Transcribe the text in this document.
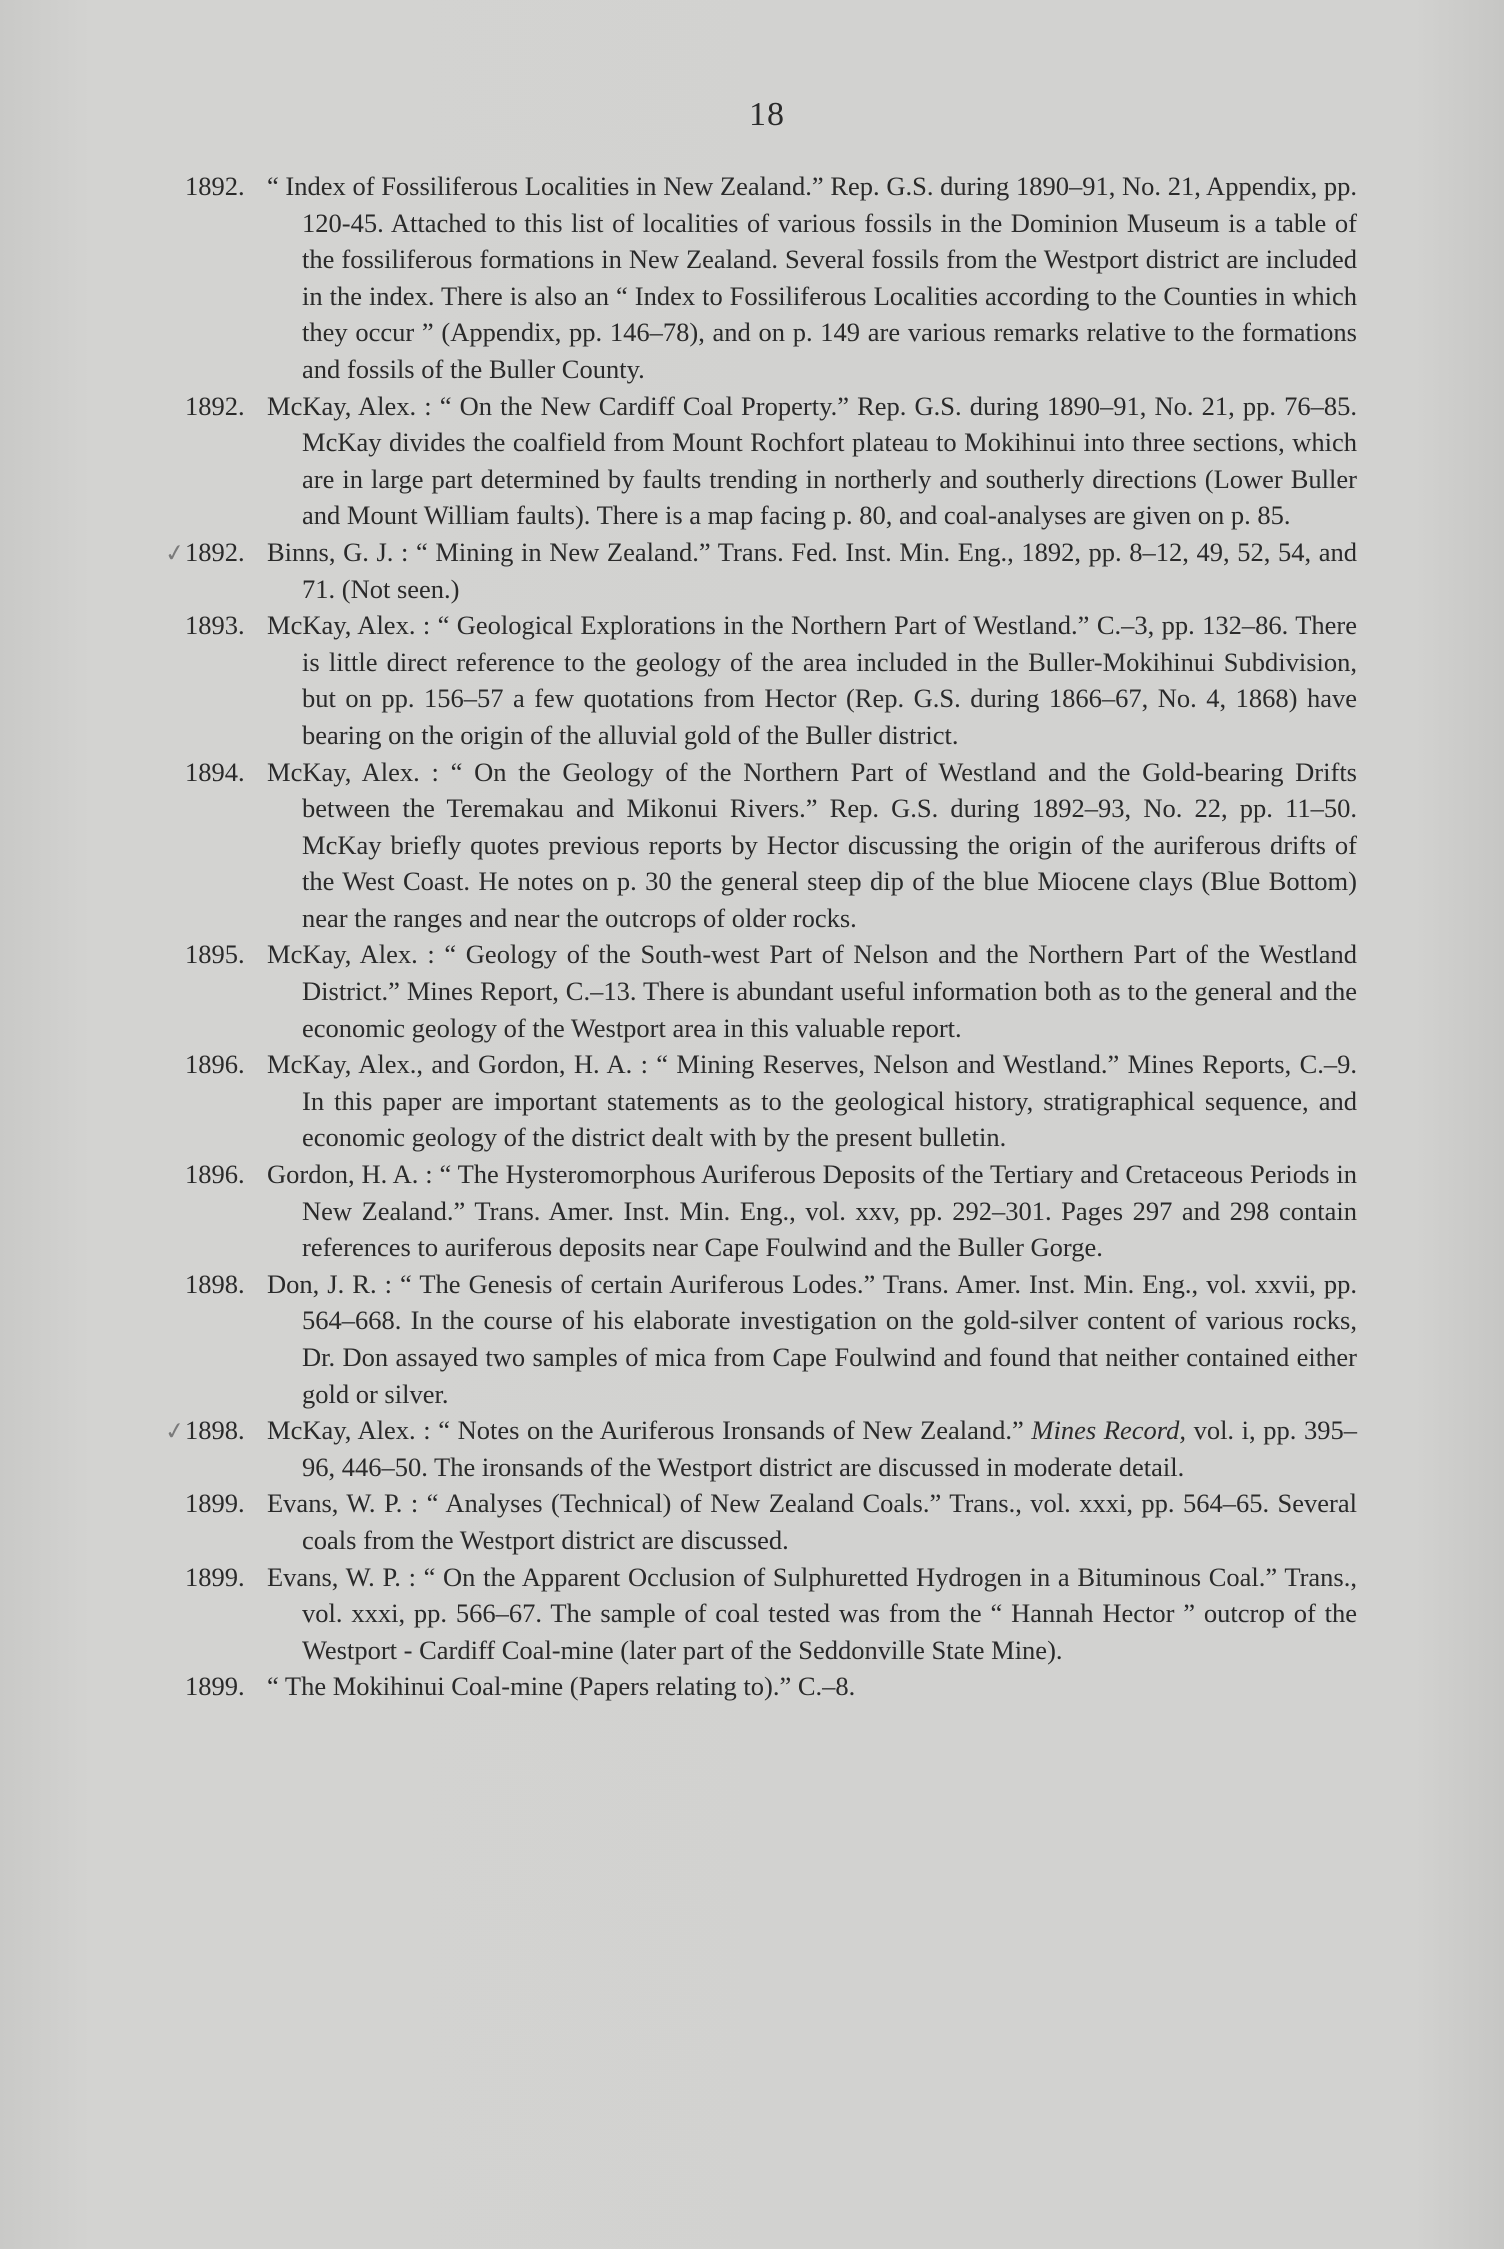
18
1892. “ Index of Fossiliferous Localities in New Zealand.” Rep. G.S. during 1890–91, No. 21, Appendix, pp. 120-45. Attached to this list of localities of various fossils in the Dominion Museum is a table of the fossiliferous formations in New Zealand. Several fossils from the Westport district are included in the index. There is also an “ Index to Fossiliferous Localities according to the Counties in which they occur ” (Appendix, pp. 146–78), and on p. 149 are various remarks relative to the formations and fossils of the Buller County.
1892. McKay, Alex. : “ On the New Cardiff Coal Property.” Rep. G.S. during 1890–91, No. 21, pp. 76–85. McKay divides the coalfield from Mount Rochfort plateau to Mokihinui into three sections, which are in large part determined by faults trending in northerly and southerly directions (Lower Buller and Mount William faults). There is a map facing p. 80, and coal-analyses are given on p. 85.
✓
1892. Binns, G. J. : “ Mining in New Zealand.” Trans. Fed. Inst. Min. Eng., 1892, pp. 8–12, 49, 52, 54, and 71. (Not seen.)
1893. McKay, Alex. : “ Geological Explorations in the Northern Part of Westland.” C.–3, pp. 132–86. There is little direct reference to the geology of the area included in the Buller-Mokihinui Subdivision, but on pp. 156–57 a few quotations from Hector (Rep. G.S. during 1866–67, No. 4, 1868) have bearing on the origin of the alluvial gold of the Buller district.
1894. McKay, Alex. : “ On the Geology of the Northern Part of Westland and the Gold-bearing Drifts between the Teremakau and Mikonui Rivers.” Rep. G.S. during 1892–93, No. 22, pp. 11–50. McKay briefly quotes previous reports by Hector discussing the origin of the auriferous drifts of the West Coast. He notes on p. 30 the general steep dip of the blue Miocene clays (Blue Bottom) near the ranges and near the outcrops of older rocks.
1895. McKay, Alex. : “ Geology of the South-west Part of Nelson and the Northern Part of the Westland District.” Mines Report, C.–13. There is abundant useful information both as to the general and the economic geology of the Westport area in this valuable report.
1896. McKay, Alex., and Gordon, H. A. : “ Mining Reserves, Nelson and Westland.” Mines Reports, C.–9. In this paper are important statements as to the geological history, stratigraphical sequence, and economic geology of the district dealt with by the present bulletin.
1896. Gordon, H. A. : “ The Hysteromorphous Auriferous Deposits of the Tertiary and Cretaceous Periods in New Zealand.” Trans. Amer. Inst. Min. Eng., vol. xxv, pp. 292–301. Pages 297 and 298 contain references to auriferous deposits near Cape Foulwind and the Buller Gorge.
1898. Don, J. R. : “ The Genesis of certain Auriferous Lodes.” Trans. Amer. Inst. Min. Eng., vol. xxvii, pp. 564–668. In the course of his elaborate investigation on the gold-silver content of various rocks, Dr. Don assayed two samples of mica from Cape Foulwind and found that neither contained either gold or silver.
✓
1898. McKay, Alex. : “ Notes on the Auriferous Ironsands of New Zealand.” Mines Record, vol. i, pp. 395–96, 446–50. The ironsands of the Westport district are discussed in moderate detail.
1899. Evans, W. P. : “ Analyses (Technical) of New Zealand Coals.” Trans., vol. xxxi, pp. 564–65. Several coals from the Westport district are discussed.
1899. Evans, W. P. : “ On the Apparent Occlusion of Sulphuretted Hydrogen in a Bituminous Coal.” Trans., vol. xxxi, pp. 566–67. The sample of coal tested was from the “ Hannah Hector ” outcrop of the Westport - Cardiff Coal-mine (later part of the Seddonville State Mine).
1899. “ The Mokihinui Coal-mine (Papers relating to).” C.–8.
